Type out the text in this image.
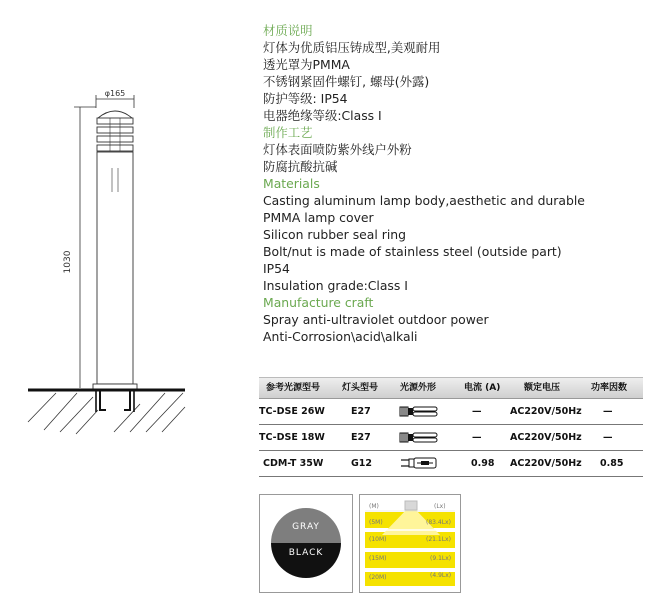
φ165
1030
材质说明
灯体为优质铝压铸成型,美观耐用
透光罩为PMMA
不锈钢紧固件螺钉, 螺母(外露)
防护等级: IP54
电器绝缘等级:Class I
制作工艺
灯体表面喷防紫外线户外粉
防腐抗酸抗碱
Materials
Casting aluminum lamp body,aesthetic and durable
PMMA lamp cover
Silicon rubber seal ring
Bolt/nut is made of stainless steel (outside part)
IP54
Insulation grade:Class I
Manufacture craft
Spray anti-ultraviolet outdoor power
Anti-Corrosion\acid\alkali
参考光源型号 灯头型号 光源外形	电流 (A)	额定电压	功率因数
TC-DSE 26W	E27	—	AC220V/50Hz —
TC-DSE 18W	E27	—	AC220V/50Hz —
CDM-T 35W	G12	0.98 AC220V/50Hz 0.85
GRAY
BLACK
(M)	(Lx)
(5M)	(83.4Lx)
(10M)	(21.1Lx)
(15M)	(9.1Lx)
(20M)	(4.9Lx)
